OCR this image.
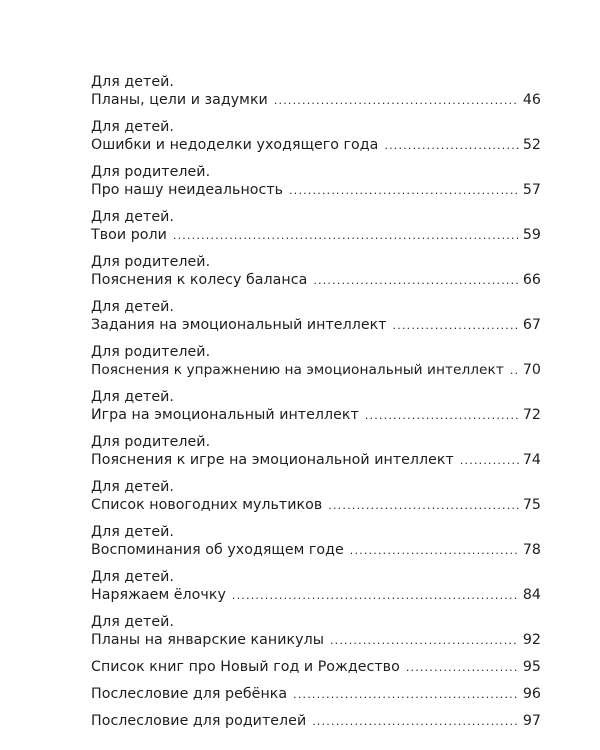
Для детей.
Планы, цели и задумки .....	46
Для детей.
Ошибки и недоделки уходящего года .....	52
Для родителей.
Про нашу неидеальность .....	57
Для детей.
Твои роли .....	59
Для родителей.
Пояснения к колесу баланса .....	66
Для детей.
Задания на эмоциональный интеллект .....	67
Для родителей.
Пояснения к упражнению на эмоциональный интеллект ..... 70
Для детей.
Игра на эмоциональный интеллект .....	72
Для родителей.
Пояснения к игре на эмоциональной интеллект .....	74
Для детей.
Список новогодних мультиков .....	75
Для детей.
Воспоминания об уходящем годе .....	78
Для детей.
Наряжаем ёлочку .....	84
Для детей.
Планы на январские каникулы .....	92
Список книг про Новый год и Рождество .....	95
Послесловие для ребёнка .....	96
Послесловие для родителей .....	97
